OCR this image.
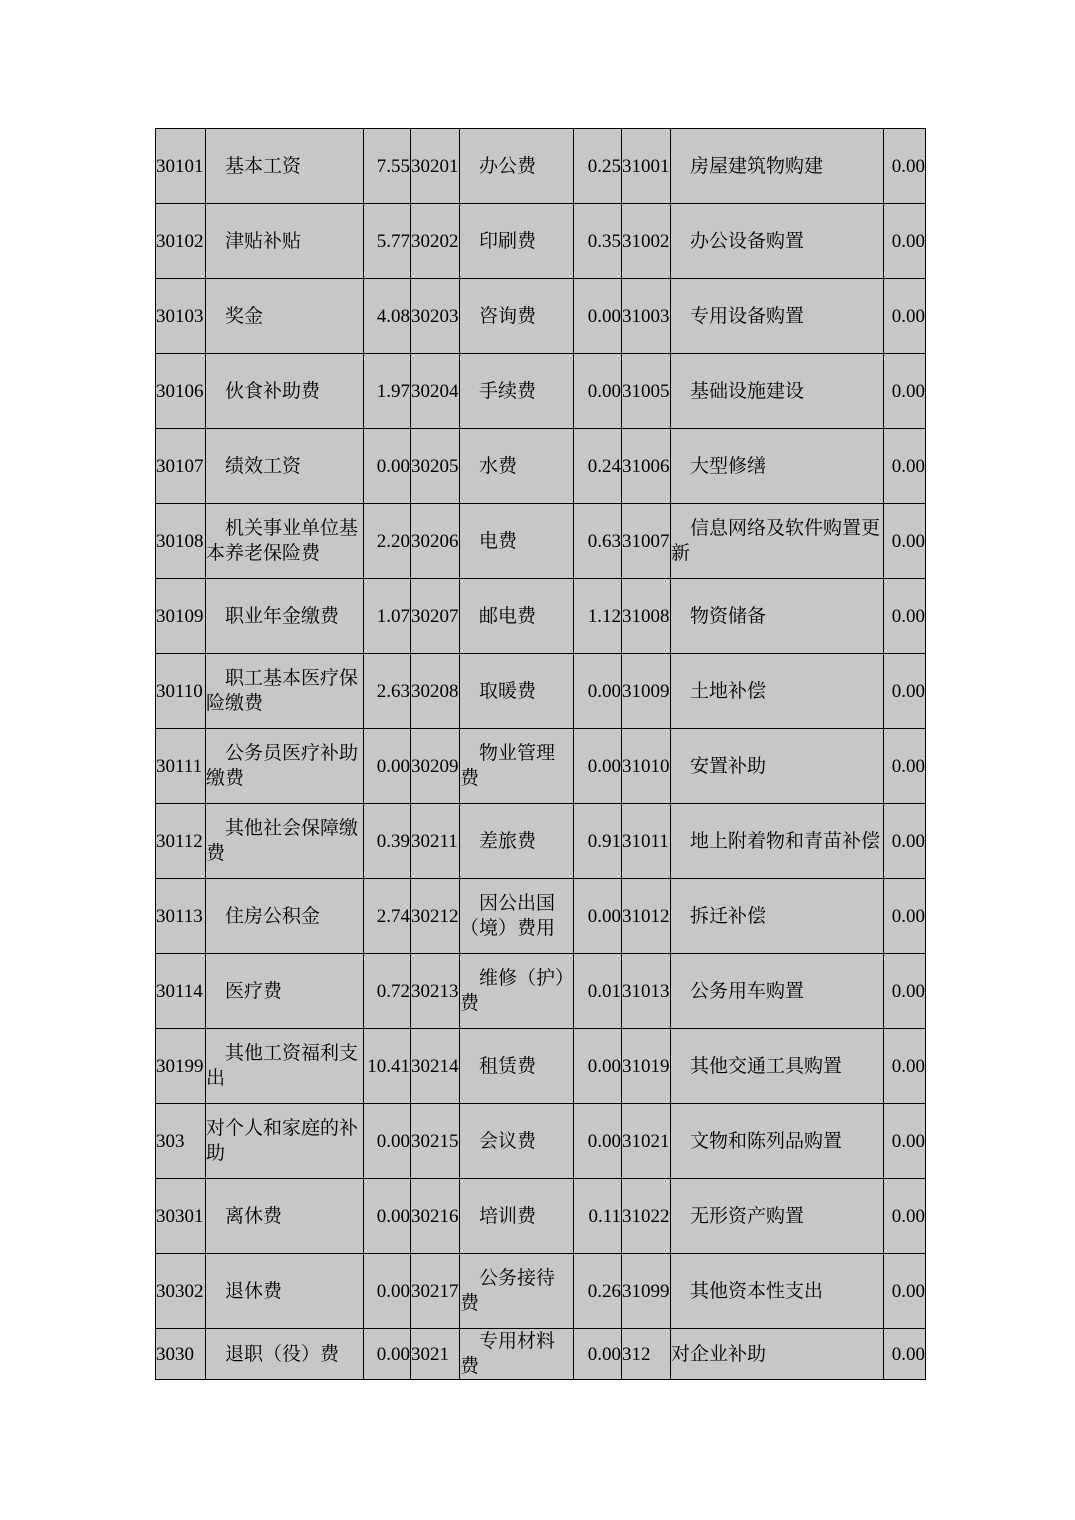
30101	基本工资	7.55	30201	办公费	0.25	31001	房屋建筑物购建	0.00
30102	津贴补贴	5.77	30202	印刷费	0.35	31002	办公设备购置	0.00
30103	奖金	4.08	30203	咨询费	0.00	31003	专用设备购置	0.00
30106	伙食补助费	1.97	30204	手续费	0.00	31005	基础设施建设	0.00
30107	绩效工资	0.00	30205	水费	0.24	31006	大型修缮	0.00
30108	机关事业单位基本养老保险费	2.20	30206	电费	0.63	31007	信息网络及软件购置更新	0.00
30109	职业年金缴费	1.07	30207	邮电费	1.12	31008	物资储备	0.00
30110	职工基本医疗保险缴费	2.63	30208	取暖费	0.00	31009	土地补偿	0.00
30111	公务员医疗补助缴费	0.00	30209	物业管理费	0.00	31010	安置补助	0.00
30112	其他社会保障缴费	0.39	30211	差旅费	0.91	31011	地上附着物和青苗补偿	0.00
30113	住房公积金	2.74	30212	因公出国（境）费用	0.00	31012	拆迁补偿	0.00
30114	医疗费	0.72	30213	维修（护）费	0.01	31013	公务用车购置	0.00
30199	其他工资福利支出	10.41	30214	租赁费	0.00	31019	其他交通工具购置	0.00
303	对个人和家庭的补助	0.00	30215	会议费	0.00	31021	文物和陈列品购置	0.00
30301	离休费	0.00	30216	培训费	0.11	31022	无形资产购置	0.00
30302	退休费	0.00	30217	公务接待费	0.26	31099	其他资本性支出	0.00
3030	退职（役）费	0.00	3021	专用材料费	0.00	312	对企业补助	0.00
